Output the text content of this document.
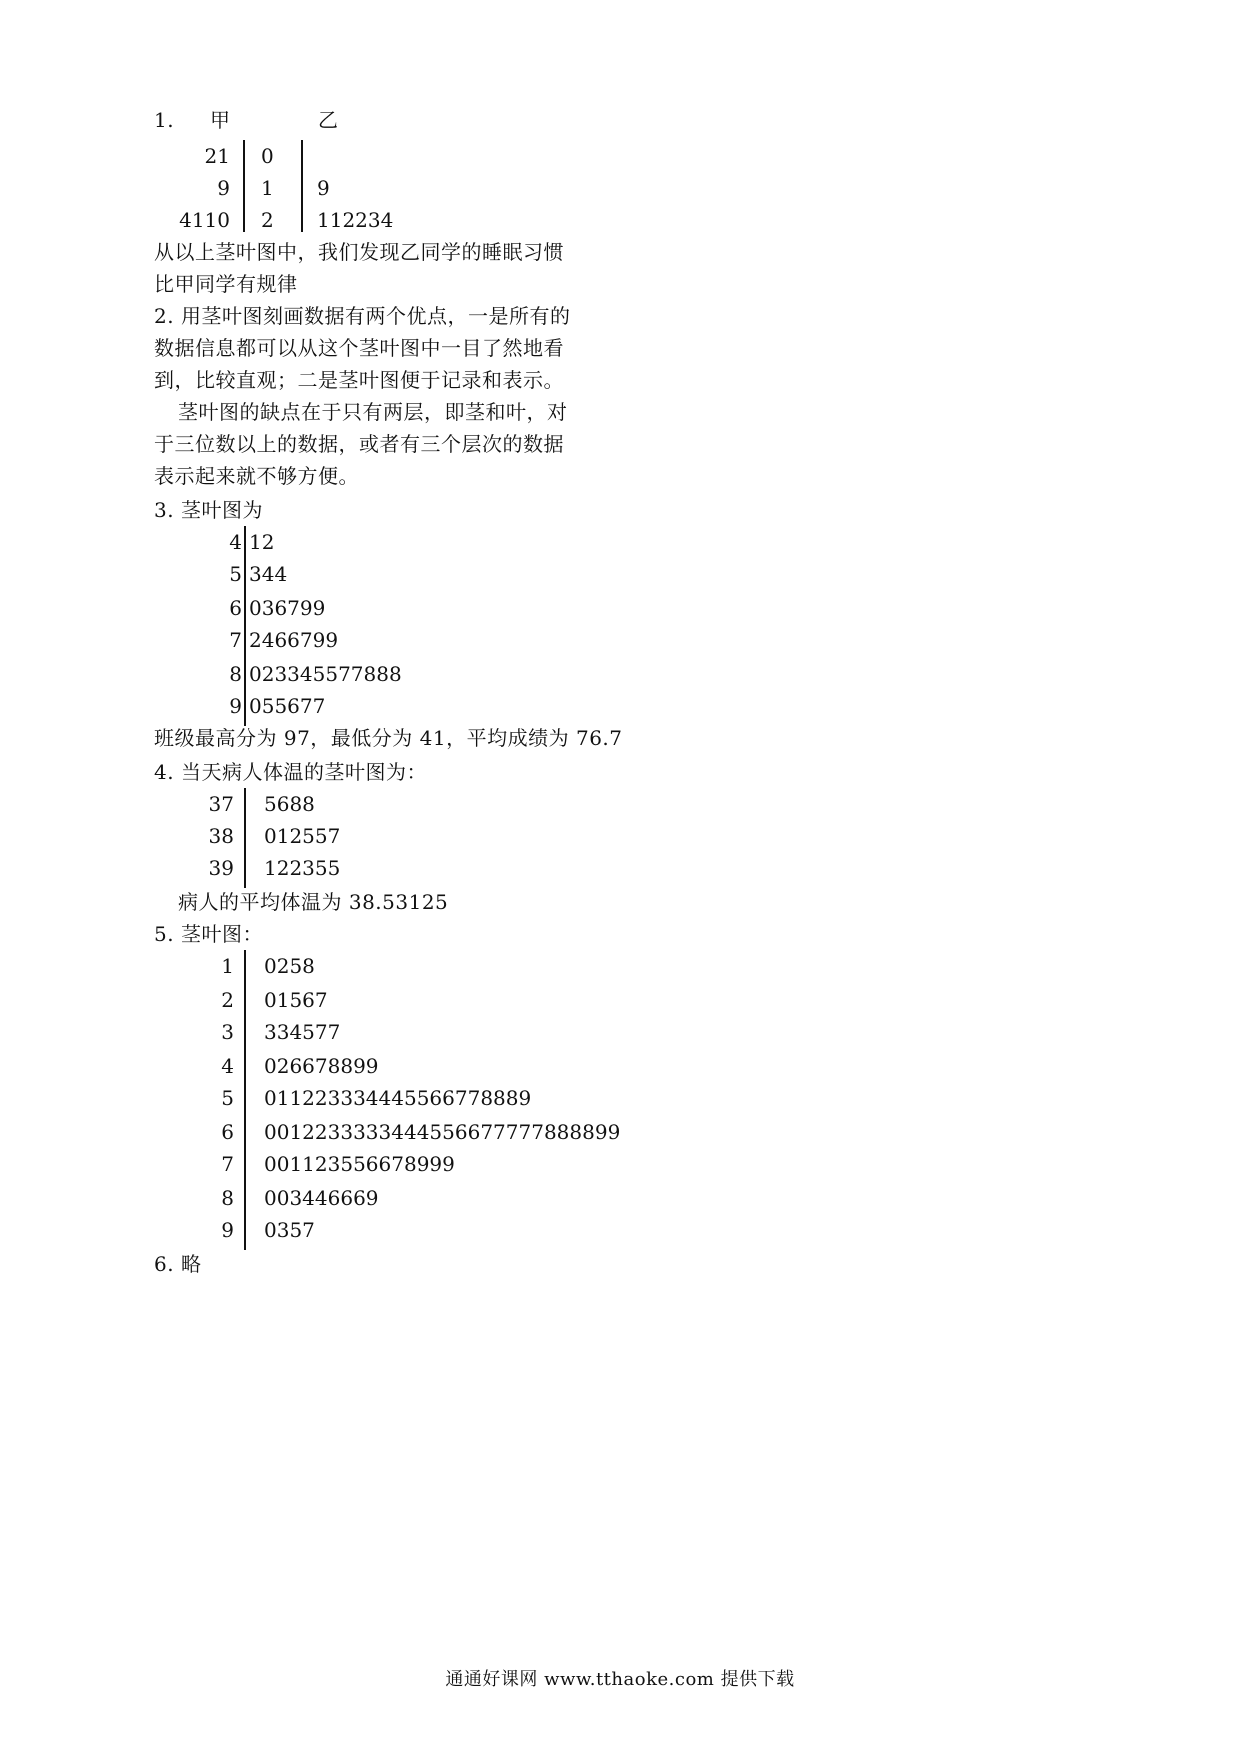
1. 甲	乙
21 0
9 1 9
4110 2 112234
从以上茎叶图中，我们发现乙同学的睡眠习惯
比甲同学有规律
2. 用茎叶图刻画数据有两个优点，一是所有的
数据信息都可以从这个茎叶图中一目了然地看
到，比较直观；二是茎叶图便于记录和表示。
茎叶图的缺点在于只有两层，即茎和叶，对
于三位数以上的数据，或者有三个层次的数据
表示起来就不够方便。
3. 茎叶图为
4 12
5 344
6 036799
7 2466799
8 023345577888
9 055677
班级最高分为 97，最低分为 41，平均成绩为 76.7
4. 当天病人体温的茎叶图为：
37 5688
38 012557
39 122355
病人的平均体温为 38.53125
5. 茎叶图：
1 0258
2 01567
3 334577
4 026678899
5 011223334445566778889
6 0012233333444556677777888899
7 001123556678999
8 003446669
9 0357
6. 略
通通好课网 www.tthaoke.com 提供下载
